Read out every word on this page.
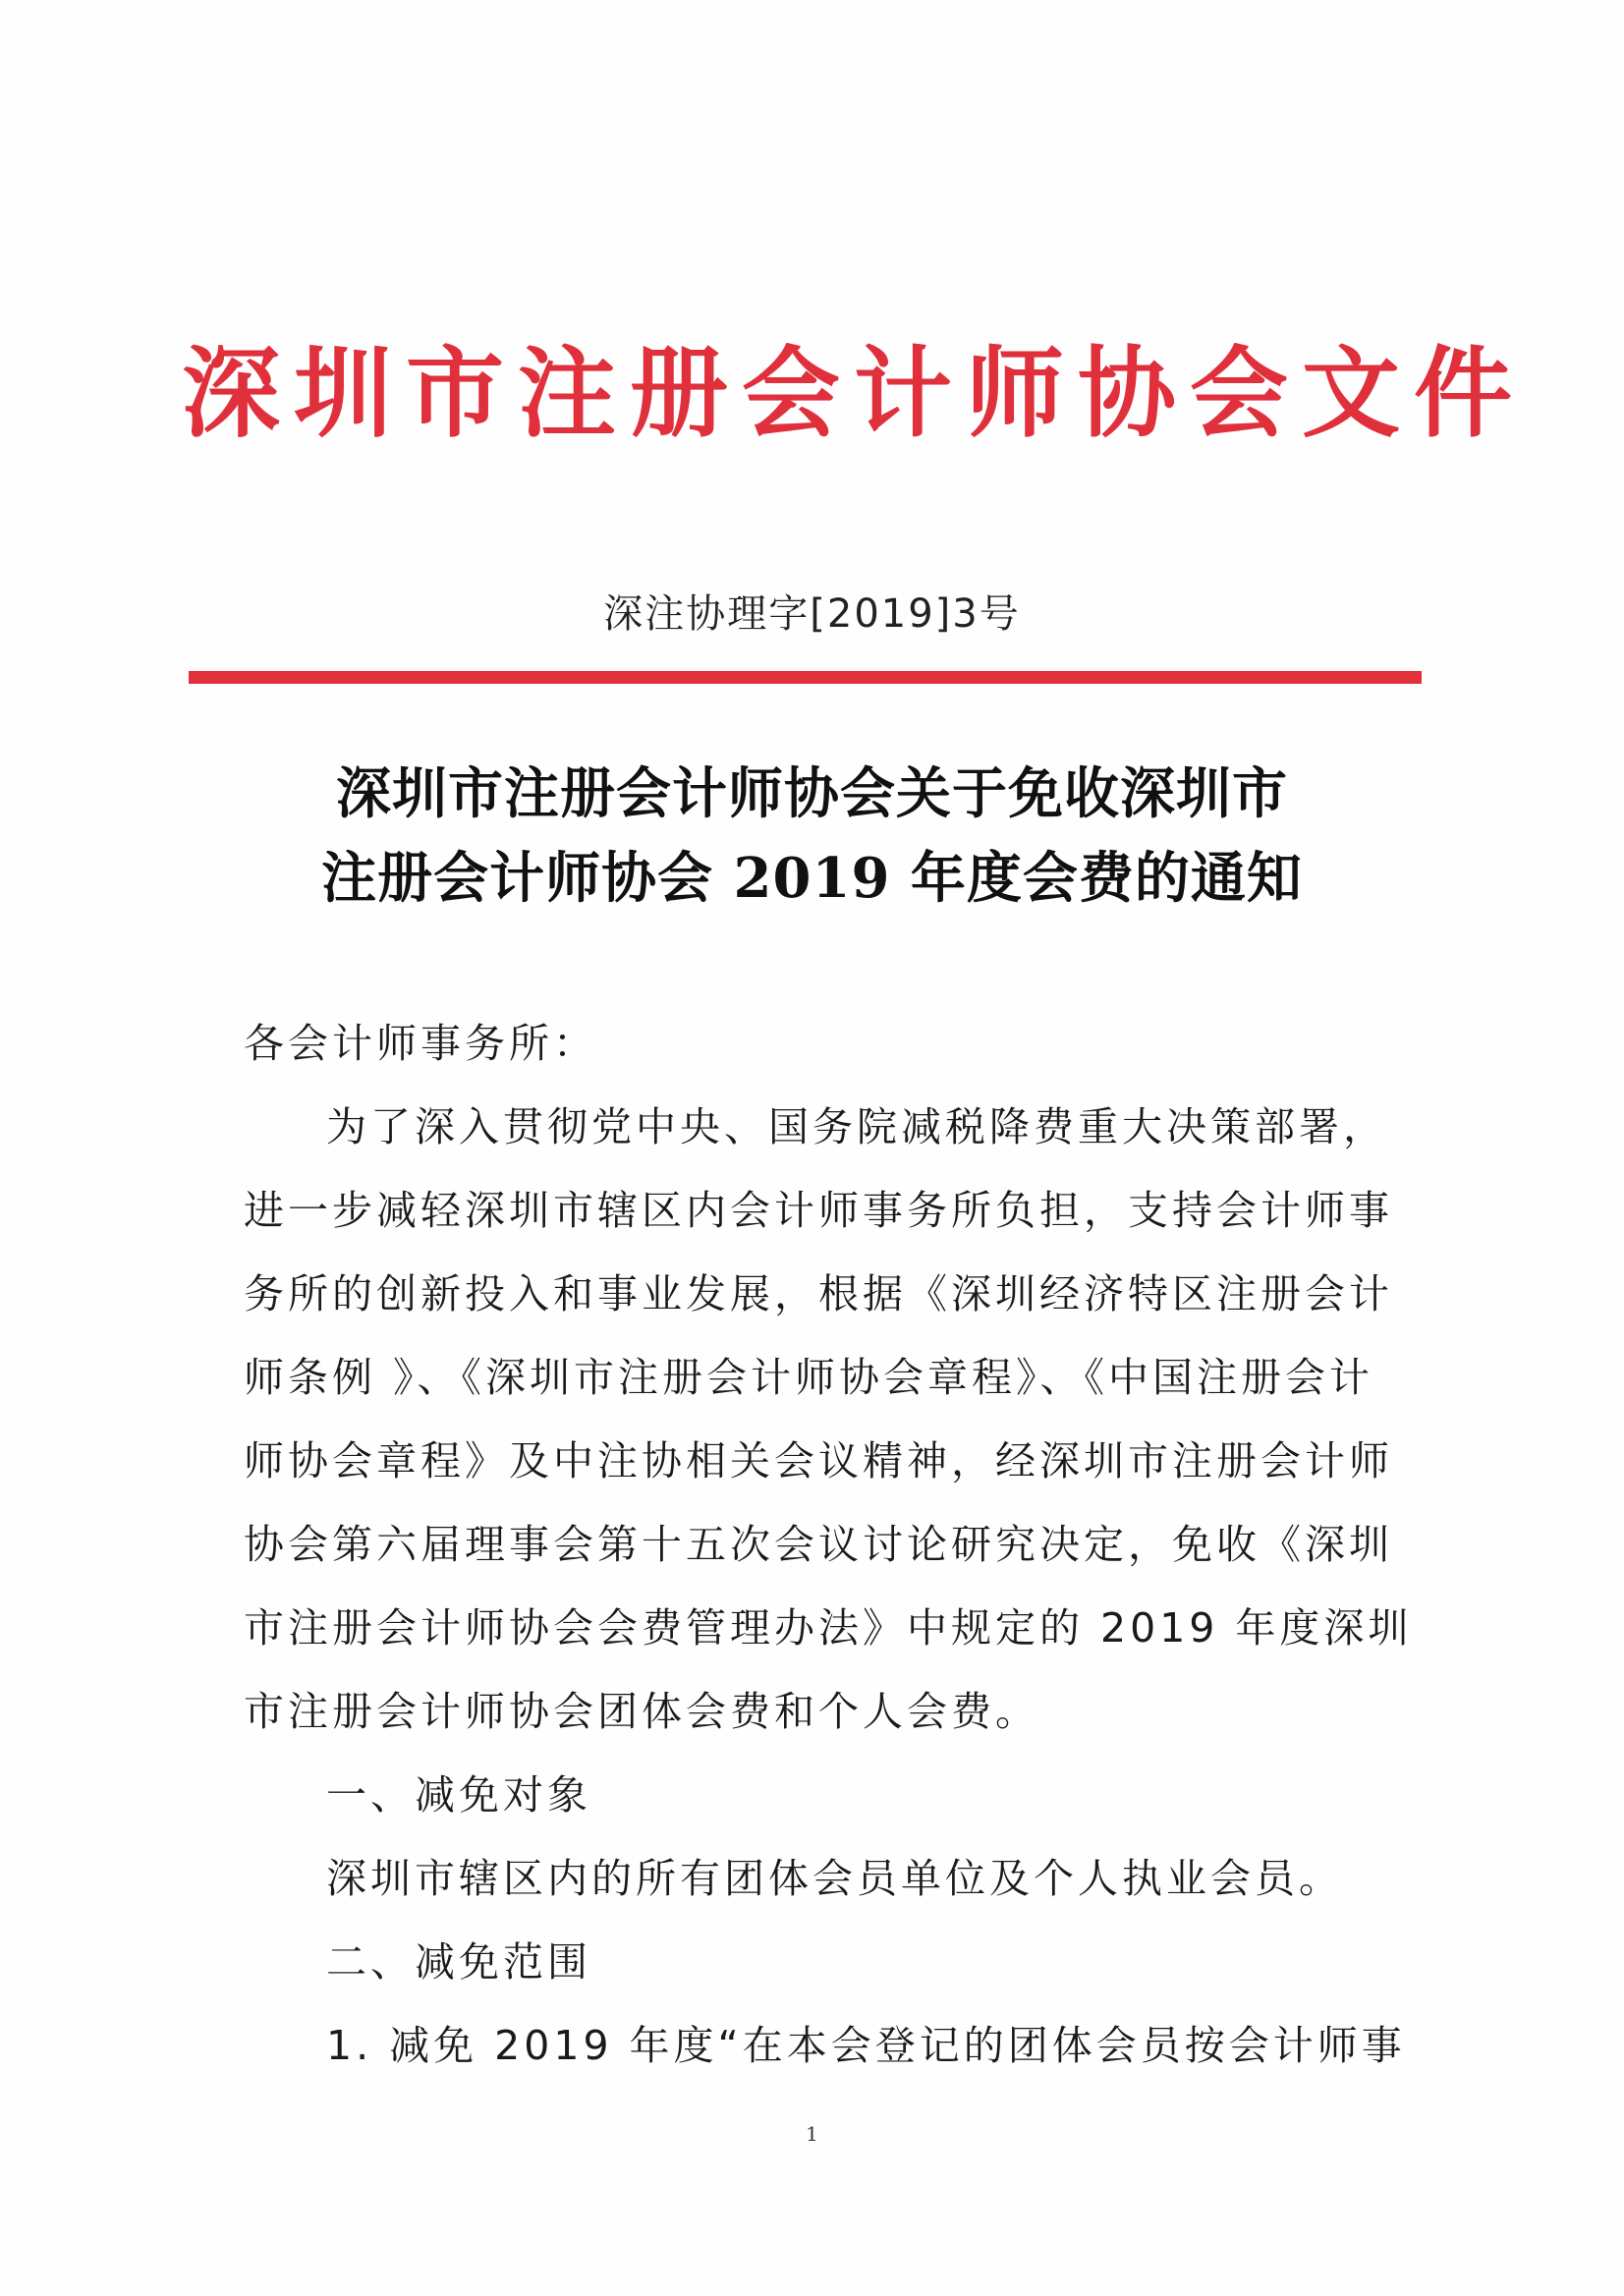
深圳市注册会计师协会文件
深注协理字[2019]3号
深圳市注册会计师协会关于免收深圳市
注册会计师协会 2019 年度会费的通知
各会计师事务所：
为了深入贯彻党中央、国务院减税降费重大决策部署，
进一步减轻深圳市辖区内会计师事务所负担，支持会计师事
务所的创新投入和事业发展，根据《深圳经济特区注册会计
师条例 》、《深圳市注册会计师协会章程》、《中国注册会计
师协会章程》及中注协相关会议精神，经深圳市注册会计师
协会第六届理事会第十五次会议讨论研究决定，免收《深圳
市注册会计师协会会费管理办法》中规定的 2019 年度深圳
市注册会计师协会团体会费和个人会费。
一、减免对象
深圳市辖区内的所有团体会员单位及个人执业会员。
二、减免范围
1. 减免 2019 年度“在本会登记的团体会员按会计师事
1
